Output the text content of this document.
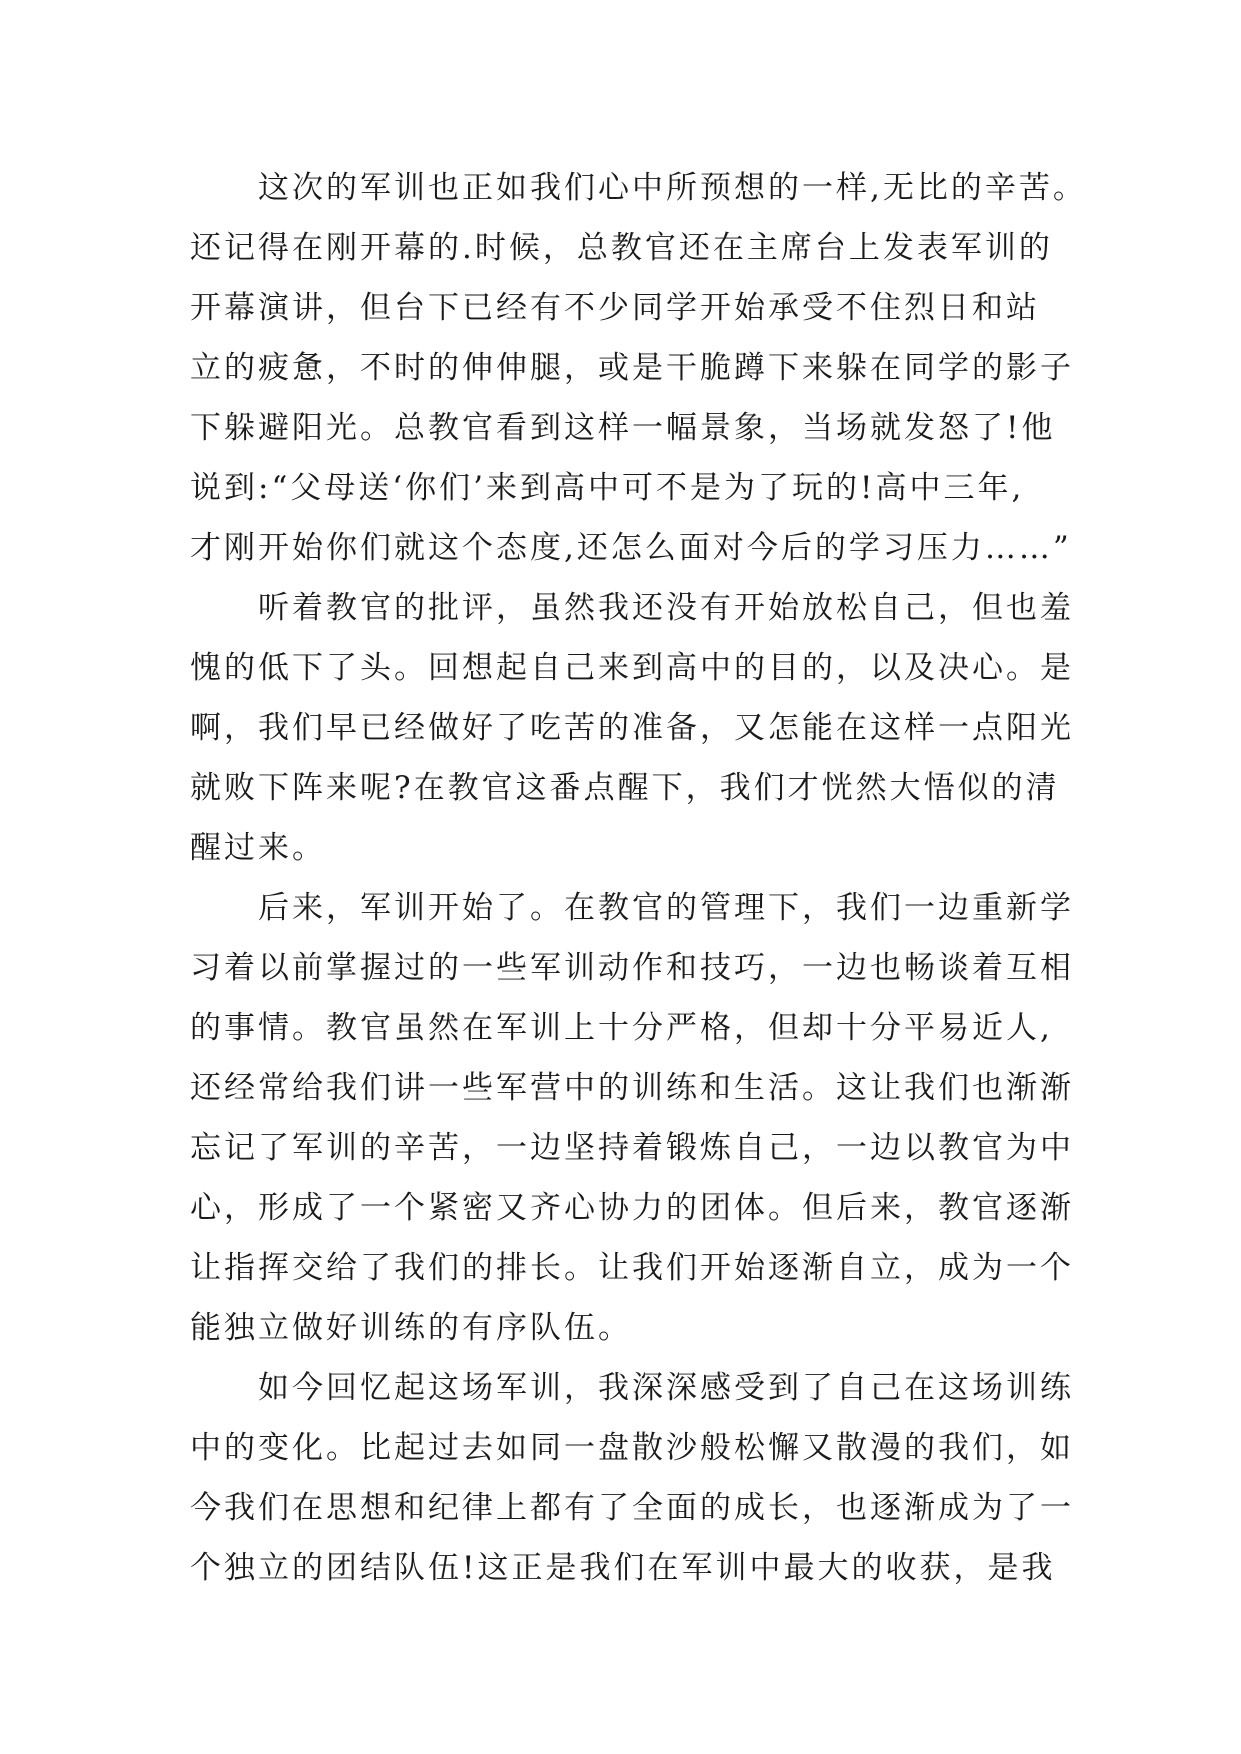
这次的军训也正如我们心中所预想的一样,无比的辛苦。

还记得在刚开幕的.时候，总教官还在主席台上发表军训的

开幕演讲，但台下已经有不少同学开始承受不住烈日和站

立的疲惫，不时的伸伸腿，或是干脆蹲下来躲在同学的影子

下躲避阳光。总教官看到这样一幅景象，当场就发怒了!他

说到:“父母送‘你们’来到高中可不是为了玩的!高中三年,

才刚开始你们就这个态度,还怎么面对今后的学习压力……”

听着教官的批评，虽然我还没有开始放松自己，但也羞

愧的低下了头。回想起自己来到高中的目的，以及决心。是

啊，我们早已经做好了吃苦的准备，又怎能在这样一点阳光

就败下阵来呢?在教官这番点醒下，我们才恍然大悟似的清

醒过来。

后来，军训开始了。在教官的管理下，我们一边重新学

习着以前掌握过的一些军训动作和技巧，一边也畅谈着互相

的事情。教官虽然在军训上十分严格，但却十分平易近人,

还经常给我们讲一些军营中的训练和生活。这让我们也渐渐

忘记了军训的辛苦，一边坚持着锻炼自己，一边以教官为中

心，形成了一个紧密又齐心协力的团体。但后来，教官逐渐

让指挥交给了我们的排长。让我们开始逐渐自立，成为一个

能独立做好训练的有序队伍。

如今回忆起这场军训，我深深感受到了自己在这场训练

中的变化。比起过去如同一盘散沙般松懈又散漫的我们，如

今我们在思想和纪律上都有了全面的成长，也逐渐成为了一

个独立的团结队伍!这正是我们在军训中最大的收获，是我
